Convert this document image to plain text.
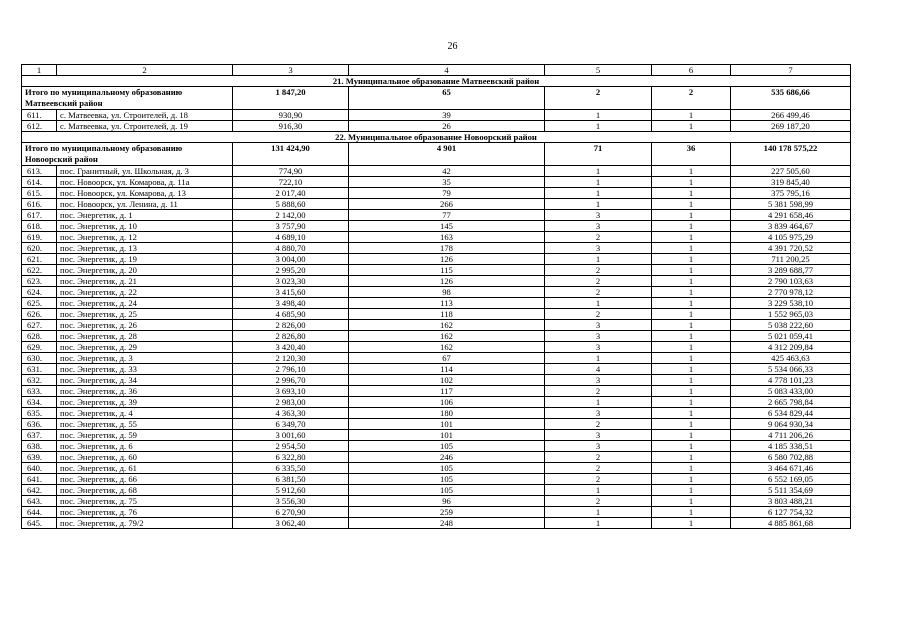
26
1	2	3	4	5	6	7
21. Муниципальное образование Матвеевский район						
Итого по муниципальному образованию Матвеевский район		1 847,20	65	2	2	535 686,66
611.	с. Матвеевка, ул. Строителей, д. 18	930,90	39	1	1	266 499,46
612.	с. Матвеевка, ул. Строителей, д. 19	916,30	26	1	1	269 187,20
22. Муниципальное образование Новоорский район						
Итого по муниципальному образованию Новоорский район		131 424,90	4 901	71	36	140 178 575,22
613.	пос. Гранитный, ул. Школьная, д. 3	774,90	42	1	1	227 505,60
614.	пос. Новоорск, ул. Комарова, д. 11а	722,10	35	1	1	319 845,40
615.	пос. Новоорск, ул. Комарова, д. 13	2 017,40	79	1	1	375 795,16
616.	пос. Новоорск, ул. Ленина, д. 11	5 888,60	266	1	1	5 381 598,99
617.	пос. Энергетик, д. 1	2 142,00	77	3	1	4 291 658,46
618.	пос. Энергетик, д. 10	3 757,90	145	3	1	3 839 464,67
619.	пос. Энергетик, д. 12	4 689,10	163	2	1	4 105 975,29
620.	пос. Энергетик, д. 13	4 880,70	178	3	1	4 391 720,52
621.	пос. Энергетик, д. 19	3 004,00	126	1	1	711 200,25
622.	пос. Энергетик, д. 20	2 995,20	115	2	1	3 289 688,77
623.	пос. Энергетик, д. 21	3 023,30	126	2	1	2 790 103,63
624.	пос. Энергетик, д. 22	3 415,60	98	2	1	2 770 978,12
625.	пос. Энергетик, д. 24	3 498,40	113	1	1	3 229 538,10
626.	пос. Энергетик, д. 25	4 685,90	118	2	1	1 552 965,03
627.	пос. Энергетик, д. 26	2 826,00	162	3	1	5 038 222,60
628.	пос. Энергетик, д. 28	2 826,80	162	3	1	5 021 059,41
629.	пос. Энергетик, д. 29	3 420,40	162	3	1	4 312 209,84
630.	пос. Энергетик, д. 3	2 120,30	67	1	1	425 463,63
631.	пос. Энергетик, д. 33	2 796,10	114	4	1	5 534 066,33
632.	пос. Энергетик, д. 34	2 996,70	102	3	1	4 778 101,23
633.	пос. Энергетик, д. 36	3 693,10	117	2	1	5 083 433,00
634.	пос. Энергетик, д. 39	2 983,00	106	1	1	2 665 798,84
635.	пос. Энергетик, д. 4	4 363,30	180	3	1	6 534 829,44
636.	пос. Энергетик, д. 55	6 349,70	101	2	1	9 064 930,34
637.	пос. Энергетик, д. 59	3 001,60	101	3	1	4 711 206,26
638.	пос. Энергетик, д. 6	2 954,50	105	3	1	4 185 338,51
639.	пос. Энергетик, д. 60	6 322,80	246	2	1	6 580 702,88
640.	пос. Энергетик, д. 61	6 335,50	105	2	1	3 464 671,46
641.	пос. Энергетик, д. 66	6 381,50	105	2	1	6 552 169,05
642.	пос. Энергетик, д. 68	5 912,60	105	1	1	5 511 354,69
643.	пос. Энергетик, д. 75	3 556,30	96	2	1	3 803 488,21
644.	пос. Энергетик, д. 76	6 270,90	259	1	1	6 127 754,32
645.	пос. Энергетик, д. 79/2	3 062,40	248	1	1	4 885 861,68
